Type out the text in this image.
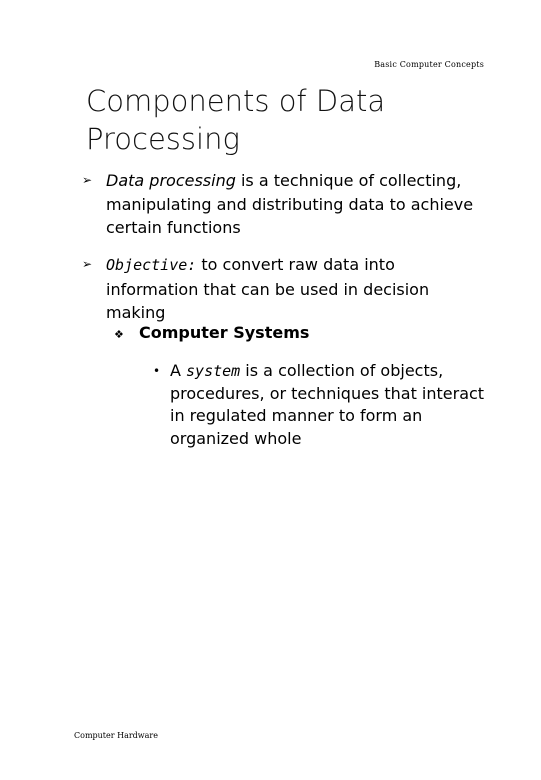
Basic Computer Concepts
Components of Data Processing
➢ Data processing is a technique of collecting, manipulating and distributing data to achieve certain functions
➢ Objective: to convert raw data into information that can be used in decision making
❖ Computer Systems
• A system is a collection of objects, procedures, or techniques that interact in regulated manner to form an organized whole
Computer Hardware
